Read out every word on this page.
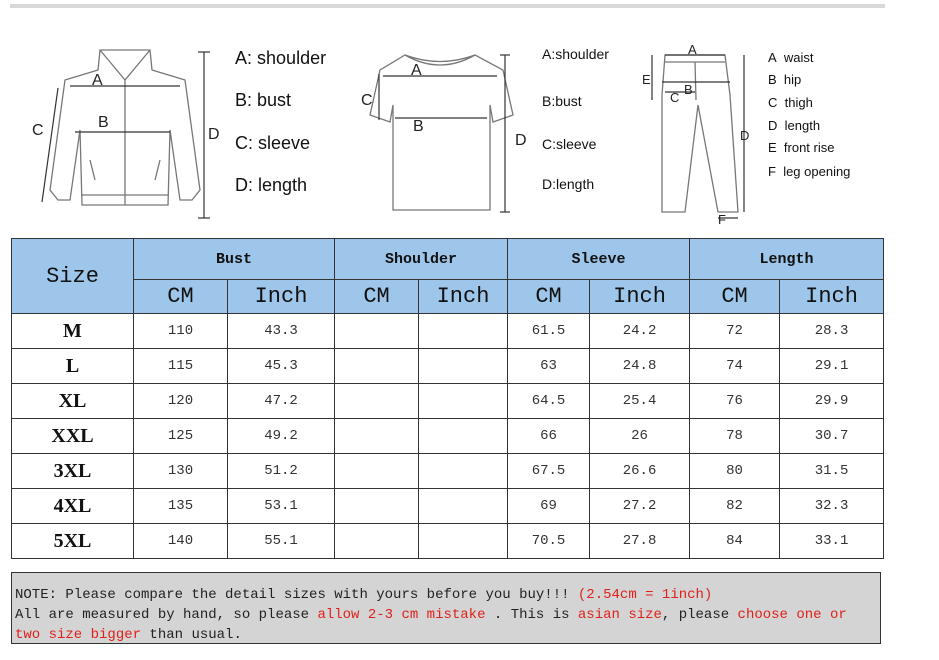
A
B
C	D
A: shoulder
B: bust
C: sleeve
D: length
A
B
C
D
A:shoulder
B:bust
C:sleeve
D:length
A
B
C
D
E
F
A waist
B hip
C thigh
D length
E front rise
F leg opening
Size	Bust		Shoulder		Sleeve		Length	
	CM	Inch	CM	Inch	CM	Inch	CM	Inch
M	110	43.3			61.5	24.2	72	28.3
L	115	45.3			63	24.8	74	29.1
XL	120	47.2			64.5	25.4	76	29.9
XXL	125	49.2			66	26	78	30.7
3XL	130	51.2			67.5	26.6	80	31.5
4XL	135	53.1			69	27.2	82	32.3
5XL	140	55.1			70.5	27.8	84	33.1
NOTE: Please compare the detail sizes with yours before you buy!!! (2.54cm = 1inch)
All are measured by hand, so please allow 2-3 cm mistake . This is asian size, please choose one or two size bigger than usual.
